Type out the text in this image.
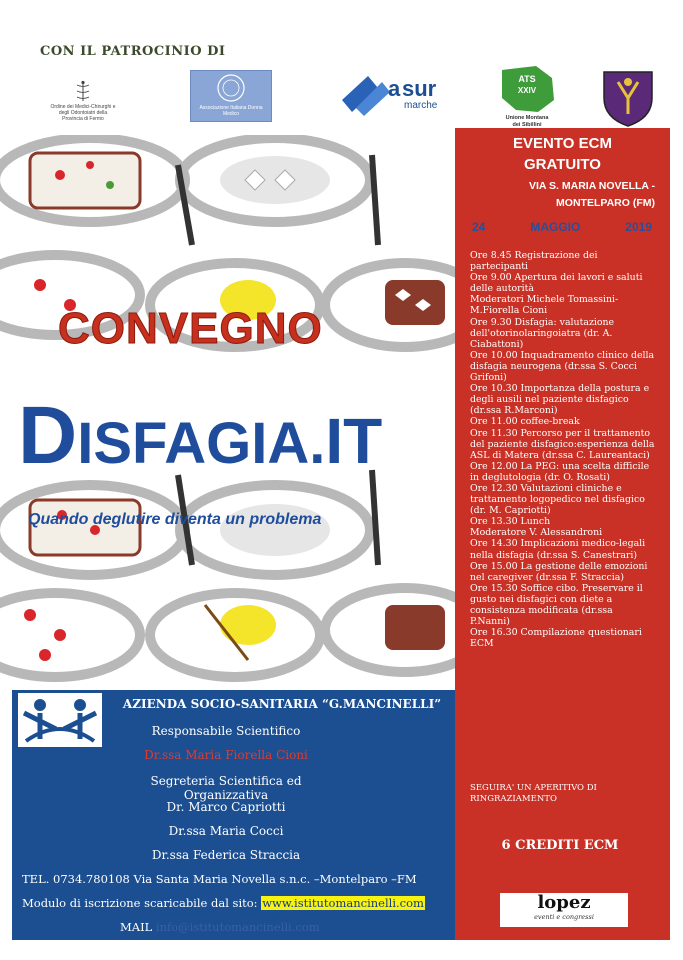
CON IL PATROCINIO DI
Ordine dei Medici-Chirurghi e degli Odontoiatri della Provincia di Fermo
Associazione Italiana Donna Medico
a sur
marche
ATS
XXIV
Unione Montana
dei Sibillini
CONVEGNO
DISFAGIA.IT
Quando deglutire diventa un problema
EVENTO ECM
GRATUITO
VIA S. MARIA NOVELLA -
MONTELPARO (FM)
24	MAGGIO	2019
Ore 8.45 Registrazione dei partecipanti
Ore 9.00 Apertura dei lavori e saluti delle autorità
Moderatori Michele Tomassini-M.Fiorella Cioni
Ore 9.30 Disfagia: valutazione dell'otorinolaringoiatra (dr. A. Ciabattoni)
Ore 10.00 Inquadramento clinico della disfagia neurogena (dr.ssa S. Cocci Grifoni)
Ore 10.30 Importanza della postura e degli ausili nel paziente disfagico (dr.ssa R.Marconi)
Ore 11.00 coffee-break
Ore 11.30 Percorso per il trattamento del paziente disfagico:esperienza della ASL di Matera (dr.ssa C. Laureantaci)
Ore 12.00 La PEG: una scelta difficile in deglutologia (dr. O. Rosati)
Ore 12.30 Valutazioni cliniche e trattamento logopedico nel disfagico (dr. M. Capriotti)
Ore 13.30 Lunch
Moderatore V. Alessandroni
Ore 14.30 Implicazioni medico-legali nella disfagia (dr.ssa S. Canestrari)
Ore 15.00 La gestione delle emozioni nel caregiver (dr.ssa F. Straccia)
Ore 15.30 Soffice cibo. Preservare il gusto nei disfagici con diete a consistenza modificata (dr.ssa P.Nanni)
Ore 16.30 Compilazione questionari ECM
SEGUIRA' UN APERITIVO DI RINGRAZIAMENTO
6 CREDITI ECM
lopez
eventi e congressi
AZIENDA SOCIO-SANITARIA “G.MANCINELLI”
Responsabile Scientifico
Dr.ssa Maria Fiorella Cioni
Segreteria Scientifica ed Organizzativa
Dr. Marco Capriotti
Dr.ssa Maria Cocci
Dr.ssa Federica Straccia
TEL. 0734.780108 Via Santa Maria Novella s.n.c. –Montelparo –FM
Modulo di iscrizione scaricabile dal sito: www.istitutomancinelli.com
MAIL info@istitutomancinelli.com
